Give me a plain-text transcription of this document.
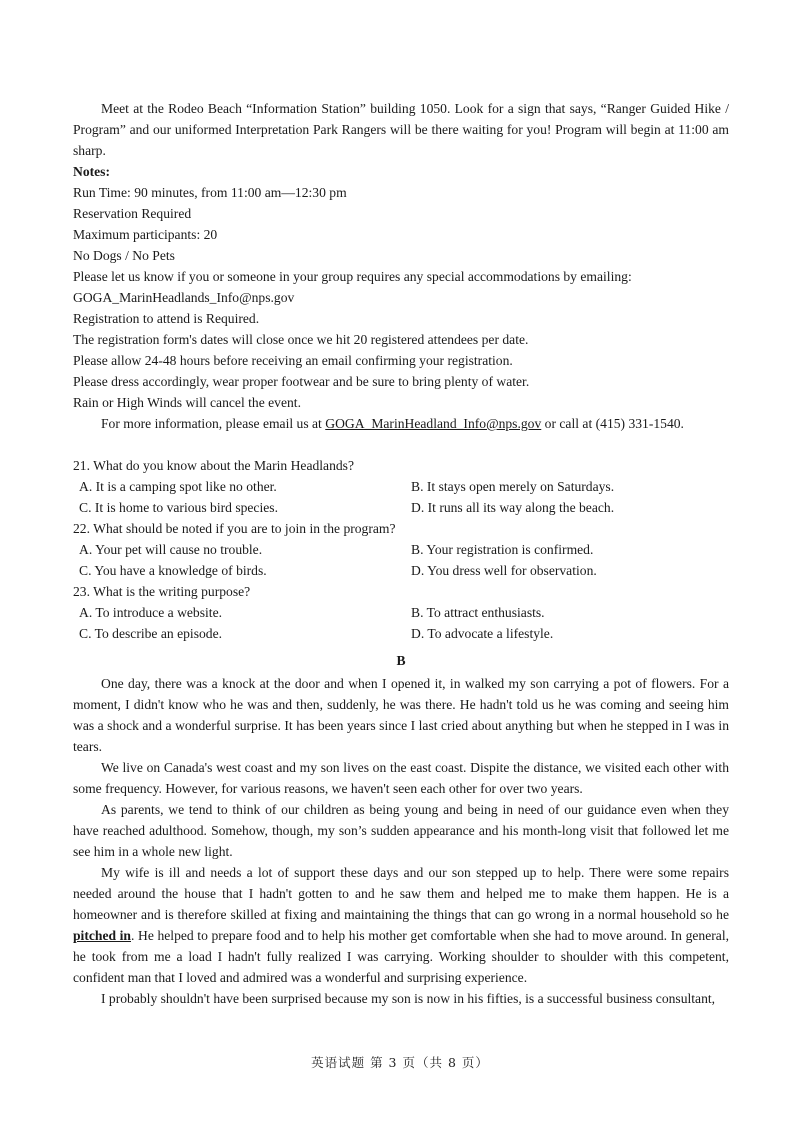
Meet at the Rodeo Beach “Information Station” building 1050. Look for a sign that says, “Ranger Guided Hike / Program” and our uniformed Interpretation Park Rangers will be there waiting for you! Program will begin at 11:00 am sharp.

Notes:

Run Time: 90 minutes, from 11:00 am—12:30 pm

Reservation Required

Maximum participants: 20

No Dogs / No Pets

Please let us know if you or someone in your group requires any special accommodations by emailing:

GOGA_MarinHeadlands_Info@nps.gov

Registration to attend is Required.

The registration form's dates will close once we hit 20 registered attendees per date.

Please allow 24-48 hours before receiving an email confirming your registration.

Please dress accordingly, wear proper footwear and be sure to bring plenty of water.

Rain or High Winds will cancel the event.

For more information, please email us at GOGA_MarinHeadland_Info@nps.gov or call at (415) 331-1540.

21. What do you know about the Marin Headlands?

A. It is a camping spot like no other.	B. It stays open merely on Saturdays.
C. It is home to various bird species.	D. It runs all its way along the beach.

22. What should be noted if you are to join in the program?

A. Your pet will cause no trouble.	B. Your registration is confirmed.
C. You have a knowledge of birds.	D. You dress well for observation.

23. What is the writing purpose?

A. To introduce a website.	B. To attract enthusiasts.
C. To describe an episode.	D. To advocate a lifestyle.
B

One day, there was a knock at the door and when I opened it, in walked my son carrying a pot of flowers. For a moment, I didn't know who he was and then, suddenly, he was there. He hadn't told us he was coming and seeing him was a shock and a wonderful surprise. It has been years since I last cried about anything but when he stepped in I was in tears.

We live on Canada's west coast and my son lives on the east coast. Dispite the distance, we visited each other with some frequency. However, for various reasons, we haven't seen each other for over two years.

As parents, we tend to think of our children as being young and being in need of our guidance even when they have reached adulthood. Somehow, though, my son’s sudden appearance and his month-long visit that followed let me see him in a whole new light.

My wife is ill and needs a lot of support these days and our son stepped up to help. There were some repairs needed around the house that I hadn't gotten to and he saw them and helped me to make them happen. He is a homeowner and is therefore skilled at fixing and maintaining the things that can go wrong in a normal household so he pitched in. He helped to prepare food and to help his mother get comfortable when she had to move around. In general, he took from me a load I hadn't fully realized I was carrying. Working shoulder to shoulder with this competent, confident man that I loved and admired was a wonderful and surprising experience.

I probably shouldn't have been surprised because my son is now in his fifties, is a successful business consultant,

英语试题 第 3 页（共 8 页）
